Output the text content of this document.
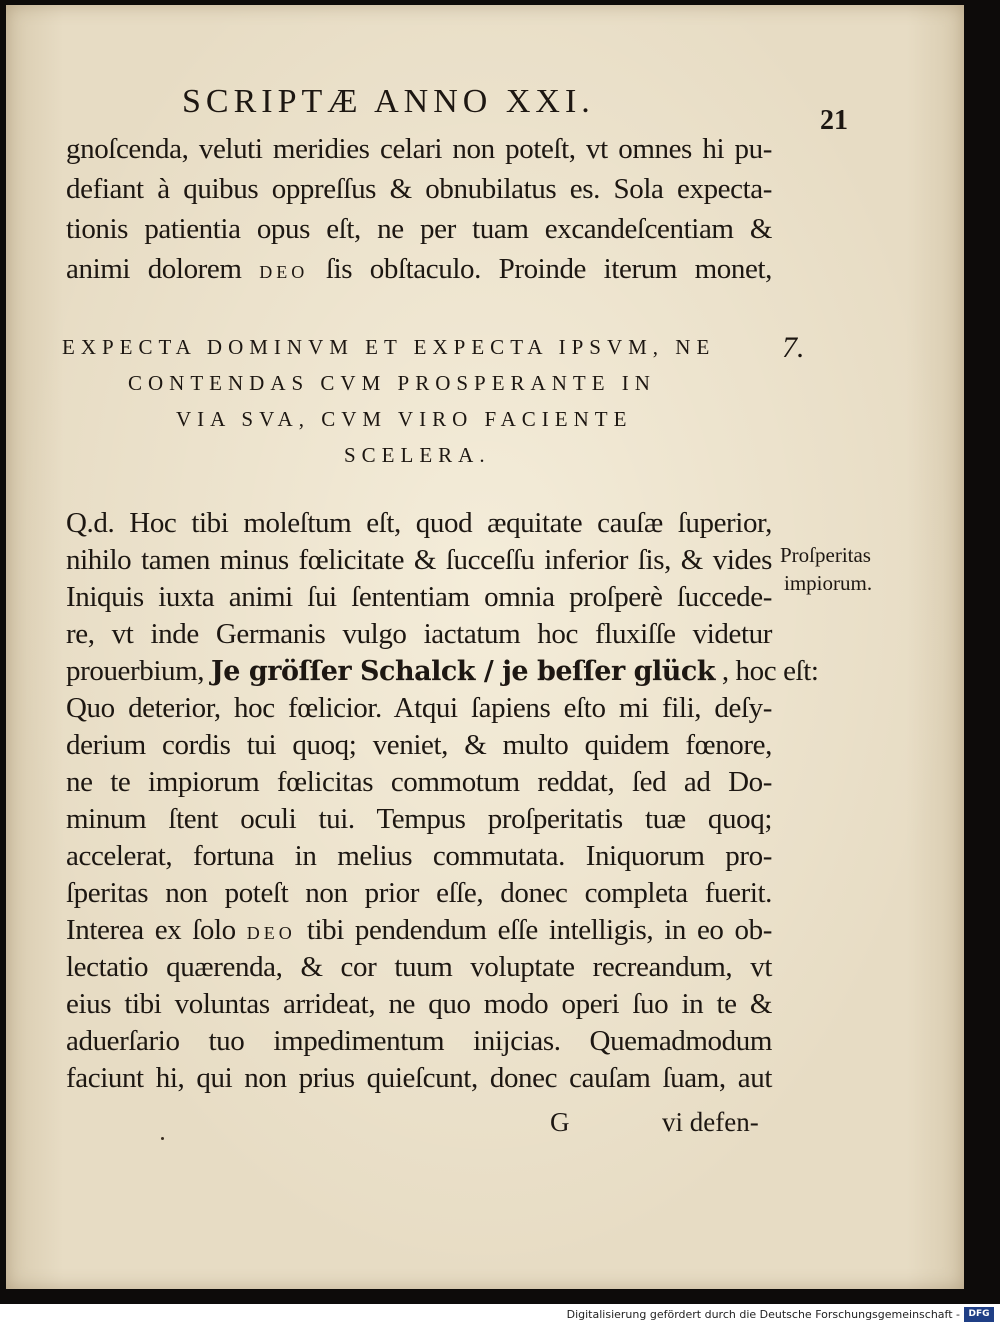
SCRIPTÆ ANNO XXI.
21
gnoſcenda, veluti meridies celari non poteſt, vt omnes hi pu-
defiant à quibus oppreſſus & obnubilatus es. Sola expecta-
tionis patientia opus eſt, ne per tuam excandeſcentiam &
animi dolorem DEO ſis obſtaculo. Proinde iterum monet,
EXPECTA DOMINVM ET EXPECTA IPSVM, NE
CONTENDAS CVM PROSPERANTE IN
VIA SVA, CVM VIRO FACIENTE
SCELERA.
7.
Proſperitas
impiorum.
Q.d. Hoc tibi moleſtum eſt, quod æquitate cauſæ ſuperior,
nihilo tamen minus fœlicitate & ſucceſſu inferior ſis, & vides
Iniquis iuxta animi ſui ſententiam omnia proſperè ſuccede-
re, vt inde Germanis vulgo iactatum hoc fluxiſſe videtur
prouerbium, Je gröſſer Schalck / je beſſer glück , hoc eſt:
Quo deterior, hoc fœlicior. Atqui ſapiens eſto mi fili, deſy-
derium cordis tui quoq; veniet, & multo quidem fœnore,
ne te impiorum fœlicitas commotum reddat, ſed ad Do-
minum ſtent oculi tui. Tempus proſperitatis tuæ quoq;
accelerat, fortuna in melius commutata. Iniquorum pro-
ſperitas non poteſt non prior eſſe, donec completa fuerit.
Interea ex ſolo DEO tibi pendendum eſſe intelligis, in eo ob-
lectatio quærenda, & cor tuum voluptate recreandum, vt
eius tibi voluntas arrideat, ne quo modo operi ſuo in te &
aduerſario tuo impedimentum inijcias. Quemadmodum
faciunt hi, qui non prius quieſcunt, donec cauſam ſuam, aut
G	vi defen-
Digitalisierung gefördert durch die Deutsche Forschungsgemeinschaft - DFG
